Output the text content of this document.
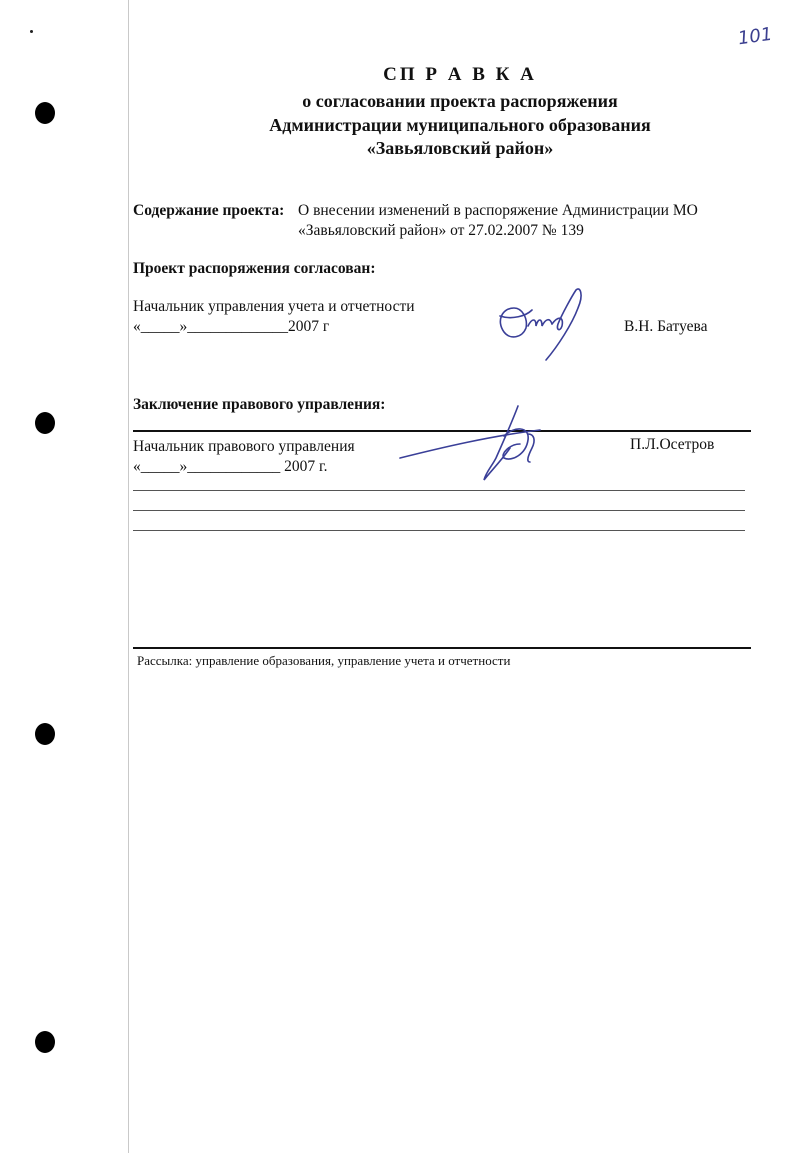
101
СП Р А В К А
о согласовании проекта распоряжения
Администрации муниципального образования
«Завьяловский район»
Содержание проекта: О внесении изменений в распоряжение Администрации МО
«Завьяловский район» от 27.02.2007 № 139
Проект распоряжения согласован:
Начальник управления учета и отчетности
«_____»_____________2007 г	В.Н. Батуева
Заключение правового управления:
Начальник правового управления
«_____»____________ 2007 г.
П.Л.Осетров
Рассылка: управление образования, управление учета и отчетности
